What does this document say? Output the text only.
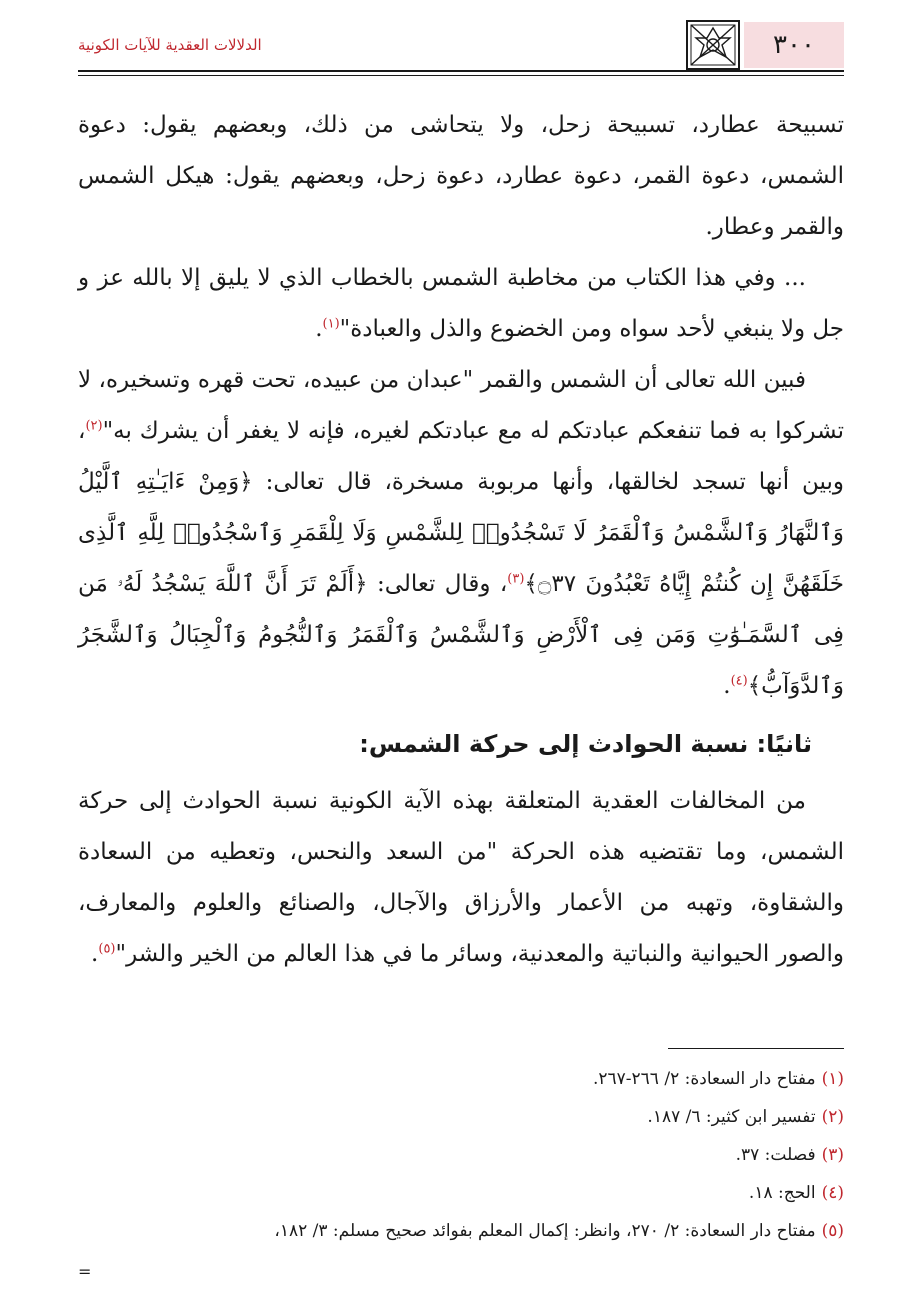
٣٠٠
الدلالات العقدية للآيات الكونية

تسبيحة عطارد، تسبيحة زحل، ولا يتحاشى من ذلك، وبعضهم يقول: دعوة الشمس، دعوة القمر، دعوة عطارد، دعوة زحل، وبعضهم يقول: هيكل الشمس والقمر وعطار.

... وفي هذا الكتاب من مخاطبة الشمس بالخطاب الذي لا يليق إلا بالله عز و جل ولا ينبغي لأحد سواه ومن الخضوع والذل والعبادة"$^{(١)}$.

فبين الله تعالى أن الشمس والقمر "عبدان من عبيده، تحت قهره وتسخيره، لا تشركوا به فما تنفعكم عبادتكم له مع عبادتكم لغيره، فإنه لا يغفر أن يشرك به"$^{(٢)}$، وبين أنها تسجد لخالقها، وأنها مربوبة مسخرة، قال تعالى: ﴿وَمِنْ ءَايَـٰتِهِ ٱلَّيْلُ وَٱلنَّهَارُ وَٱلشَّمْسُ وَٱلْقَمَرُ لَا تَسْجُدُوا۟ لِلشَّمْسِ وَلَا لِلْقَمَرِ وَٱسْجُدُوا۟ لِلَّهِ ٱلَّذِى خَلَقَهُنَّ إِن كُنتُمْ إِيَّاهُ تَعْبُدُونَ ۝٣٧﴾$^{(٣)}$، وقال تعالى: ﴿أَلَمْ تَرَ أَنَّ ٱللَّهَ يَسْجُدُ لَهُۥ مَن فِى ٱلسَّمَـٰوَٰتِ وَمَن فِى ٱلْأَرْضِ وَٱلشَّمْسُ وَٱلْقَمَرُ وَٱلنُّجُومُ وَٱلْجِبَالُ وَٱلشَّجَرُ وَٱلدَّوَآبُّ﴾$^{(٤)}$.

ثانيًا: نسبة الحوادث إلى حركة الشمس:

من المخالفات العقدية المتعلقة بهذه الآية الكونية نسبة الحوادث إلى حركة الشمس، وما تقتضيه هذه الحركة "من السعد والنحس، وتعطيه من السعادة والشقاوة، وتهبه من الأعمار والأرزاق والآجال، والصنائع والعلوم والمعارف، والصور الحيوانية والنباتية والمعدنية، وسائر ما في هذا العالم من الخير والشر"$^{(٥)}$.

(١)مفتاح دار السعادة: ٢/ ٢٦٦-٢٦٧.

(٢)تفسير ابن كثير: ٦/ ١٨٧.

(٣)فصلت: ٣٧.

(٤)الحج: ١٨.

(٥)مفتاح دار السعادة: ٢/ ٢٧٠، وانظر: إكمال المعلم بفوائد صحيح مسلم: ٣/ ١٨٢،

=
